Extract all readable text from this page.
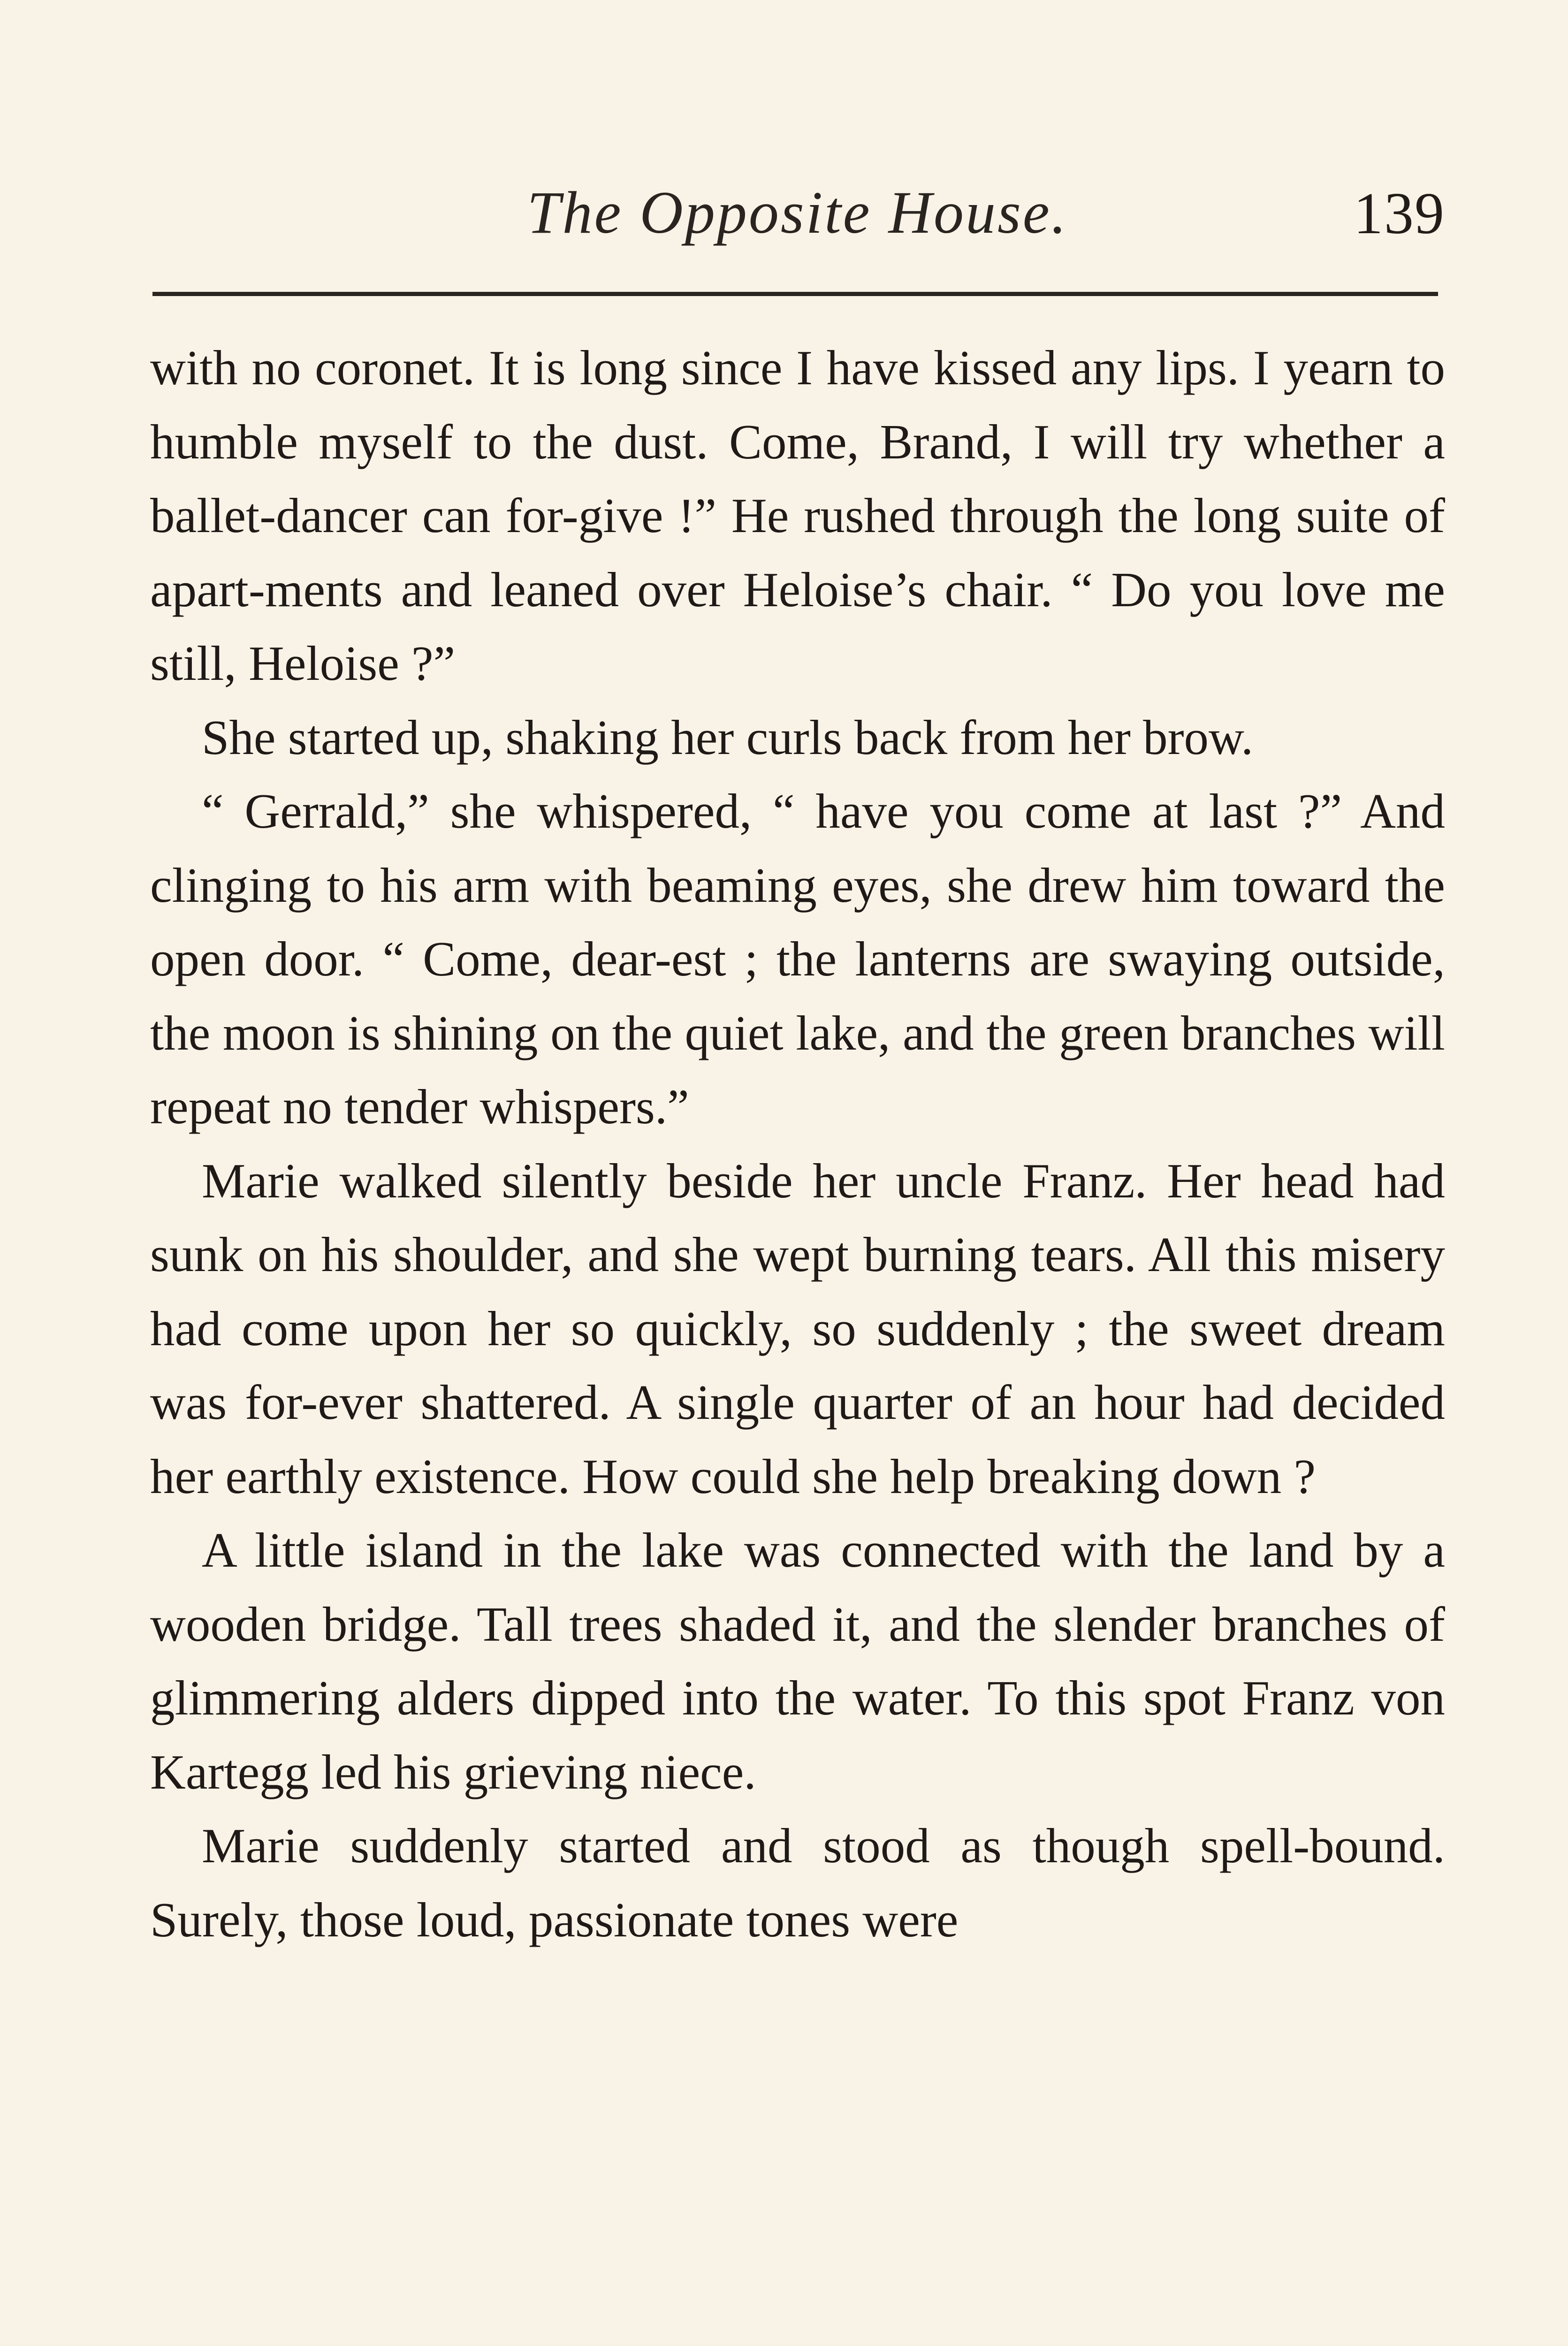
The Opposite House.	139

with no coronet. It is long since I have kissed any lips. I yearn to humble myself to the dust. Come, Brand, I will try whether a ballet-dancer can for-give !” He rushed through the long suite of apart-ments and leaned over Heloise’s chair. “ Do you love me still, Heloise ?”

She started up, shaking her curls back from her brow.

“ Gerrald,” she whispered, “ have you come at last ?” And clinging to his arm with beaming eyes, she drew him toward the open door. “ Come, dear-est ; the lanterns are swaying outside, the moon is shining on the quiet lake, and the green branches will repeat no tender whispers.”

Marie walked silently beside her uncle Franz. Her head had sunk on his shoulder, and she wept burning tears. All this misery had come upon her so quickly, so suddenly ; the sweet dream was for-ever shattered. A single quarter of an hour had decided her earthly existence. How could she help breaking down ?

A little island in the lake was connected with the land by a wooden bridge. Tall trees shaded it, and the slender branches of glimmering alders dipped into the water. To this spot Franz von Kartegg led his grieving niece.

Marie suddenly started and stood as though spell-bound. Surely, those loud, passionate tones were
